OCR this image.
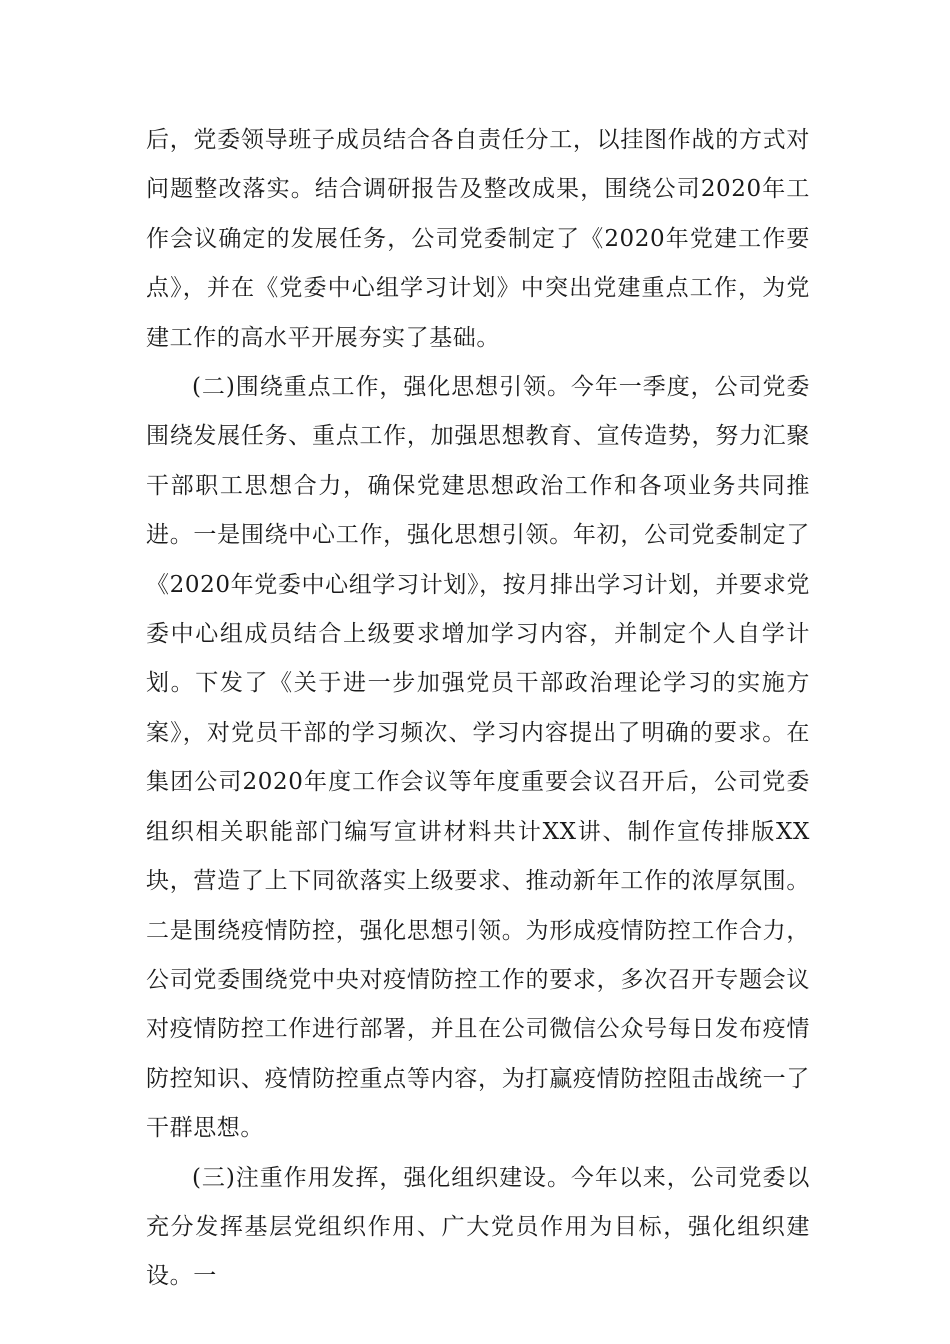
后，党委领导班子成员结合各自责任分工，以挂图作战的方式对问题整改落实。结合调研报告及整改成果，围绕公司2020年工作会议确定的发展任务，公司党委制定了《2020年党建工作要点》，并在《党委中心组学习计划》中突出党建重点工作，为党建工作的高水平开展夯实了基础。

(二)围绕重点工作，强化思想引领。今年一季度，公司党委围绕发展任务、重点工作，加强思想教育、宣传造势，努力汇聚干部职工思想合力，确保党建思想政治工作和各项业务共同推进。一是围绕中心工作，强化思想引领。年初，公司党委制定了《2020年党委中心组学习计划》，按月排出学习计划，并要求党委中心组成员结合上级要求增加学习内容，并制定个人自学计划。下发了《关于进一步加强党员干部政治理论学习的实施方案》，对党员干部的学习频次、学习内容提出了明确的要求。在集团公司2020年度工作会议等年度重要会议召开后，公司党委组织相关职能部门编写宣讲材料共计XX讲、制作宣传排版XX块，营造了上下同欲落实上级要求、推动新年工作的浓厚氛围。二是围绕疫情防控，强化思想引领。为形成疫情防控工作合力，公司党委围绕党中央对疫情防控工作的要求，多次召开专题会议对疫情防控工作进行部署，并且在公司微信公众号每日发布疫情防控知识、疫情防控重点等内容，为打赢疫情防控阻击战统一了干群思想。

(三)注重作用发挥，强化组织建设。今年以来，公司党委以充分发挥基层党组织作用、广大党员作用为目标，强化组织建设。一
